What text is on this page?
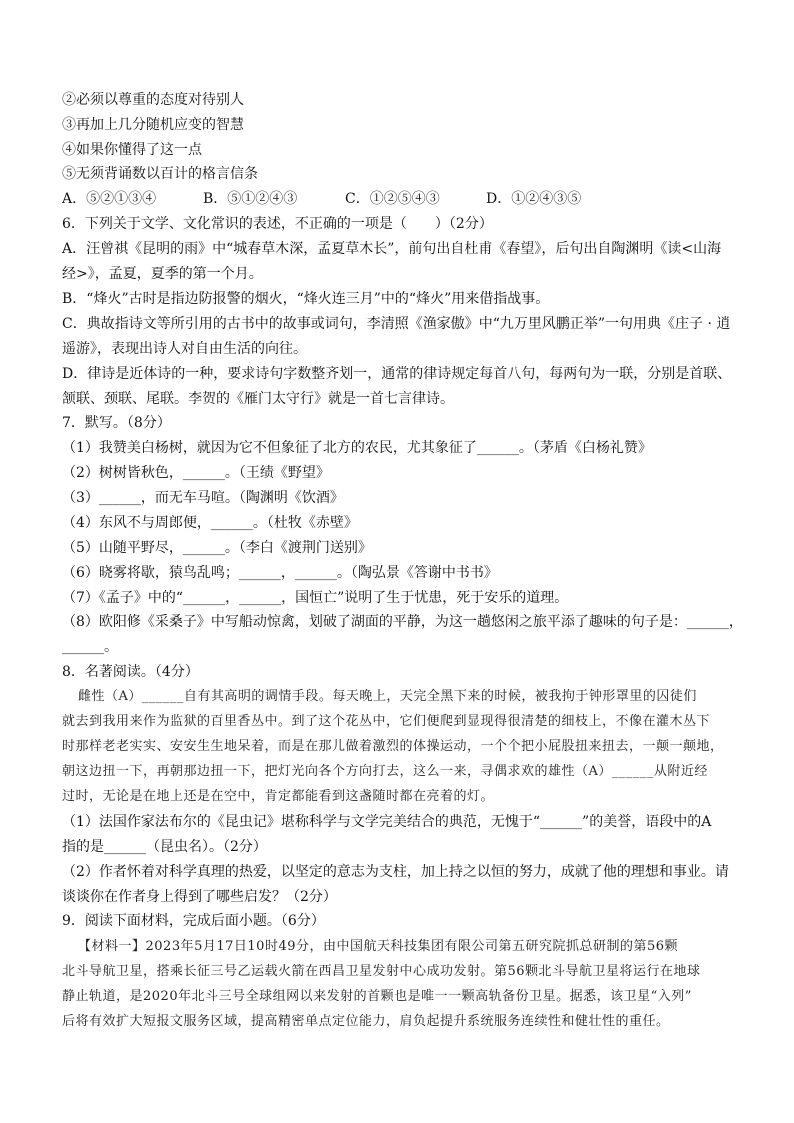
②必须以尊重的态度对待别人
③再加上几分随机应变的智慧
④如果你懂得了这一点
⑤无须背诵数以百计的格言信条
A．⑤②①③④	B．⑤①②④③	C．①②⑤④③	D．①②④③⑤
6．下列关于文学、文化常识的表述，不正确的一项是（　　）（2分）
A．汪曾祺《昆明的雨》中“城春草木深，孟夏草木长”，前句出自杜甫《春望》，后句出自陶渊明《读<山海
经>》，孟夏，夏季的第一个月。
B．“烽火”古时是指边防报警的烟火，“烽火连三月”中的“烽火”用来借指战事。
C．典故指诗文等所引用的古书中的故事或词句，李清照《渔家傲》中“九万里风鹏正举”一句用典《庄子 · 逍
遥游》，表现出诗人对自由生活的向往。
D．律诗是近体诗的一种，要求诗句字数整齐划一，通常的律诗规定每首八句，每两句为一联，分别是首联、
颔联、颈联、尾联。李贺的《雁门太守行》就是一首七言律诗。
7．默写。（8分）
（1）我赞美白杨树，就因为它不但象征了北方的农民，尤其象征了______。（茅盾《白杨礼赞》
（2）树树皆秋色，______。（王绩《野望》
（3）______，而无车马喧。（陶渊明《饮酒》
（4）东风不与周郎便，______。（杜牧《赤壁》
（5）山随平野尽，______。（李白《渡荆门送别》
（6）晓雾将歇，猿鸟乱鸣；______，______。（陶弘景《答谢中书书》
（7）《孟子》中的“______，______，国恒亡”说明了生于忧患，死于安乐的道理。
（8）欧阳修《采桑子》中写船动惊禽，划破了湖面的平静，为这一趟悠闲之旅平添了趣味的句子是：______，
______。
8．名著阅读。（4分）
雌性（A）______自有其高明的调情手段。每天晚上，天完全黑下来的时候，被我拘于钟形罩里的囚徒们
就去到我用来作为监狱的百里香丛中。到了这个花丛中，它们便爬到显现得很清楚的细枝上，不像在灌木丛下
时那样老老实实、安安生生地呆着，而是在那儿做着激烈的体操运动，一个个把小屁股扭来扭去，一颠一颠地，
朝这边扭一下，再朝那边扭一下，把灯光向各个方向打去，这么一来，寻偶求欢的雄性（A）______从附近经
过时，无论是在地上还是在空中，肯定都能看到这盏随时都在亮着的灯。
（1）法国作家法布尔的《昆虫记》堪称科学与文学完美结合的典范，无愧于“______”的美誉，语段中的A
指的是______（昆虫名）。（2分）
（2）作者怀着对科学真理的热爱，以坚定的意志为支柱，加上持之以恒的努力，成就了他的理想和事业。请
谈谈你在作者身上得到了哪些启发？（2分）
9．阅读下面材料，完成后面小题。（6分）
【材料一】2023年5月17日10时49分，由中国航天科技集团有限公司第五研究院抓总研制的第56颗
北斗导航卫星，搭乘长征三号乙运载火箭在西昌卫星发射中心成功发射。第56颗北斗导航卫星将运行在地球
静止轨道，是2020年北斗三号全球组网以来发射的首颗也是唯一一颗高轨备份卫星。据悉，该卫星“入列”
后将有效扩大短报文服务区域，提高精密单点定位能力，肩负起提升系统服务连续性和健壮性的重任。
